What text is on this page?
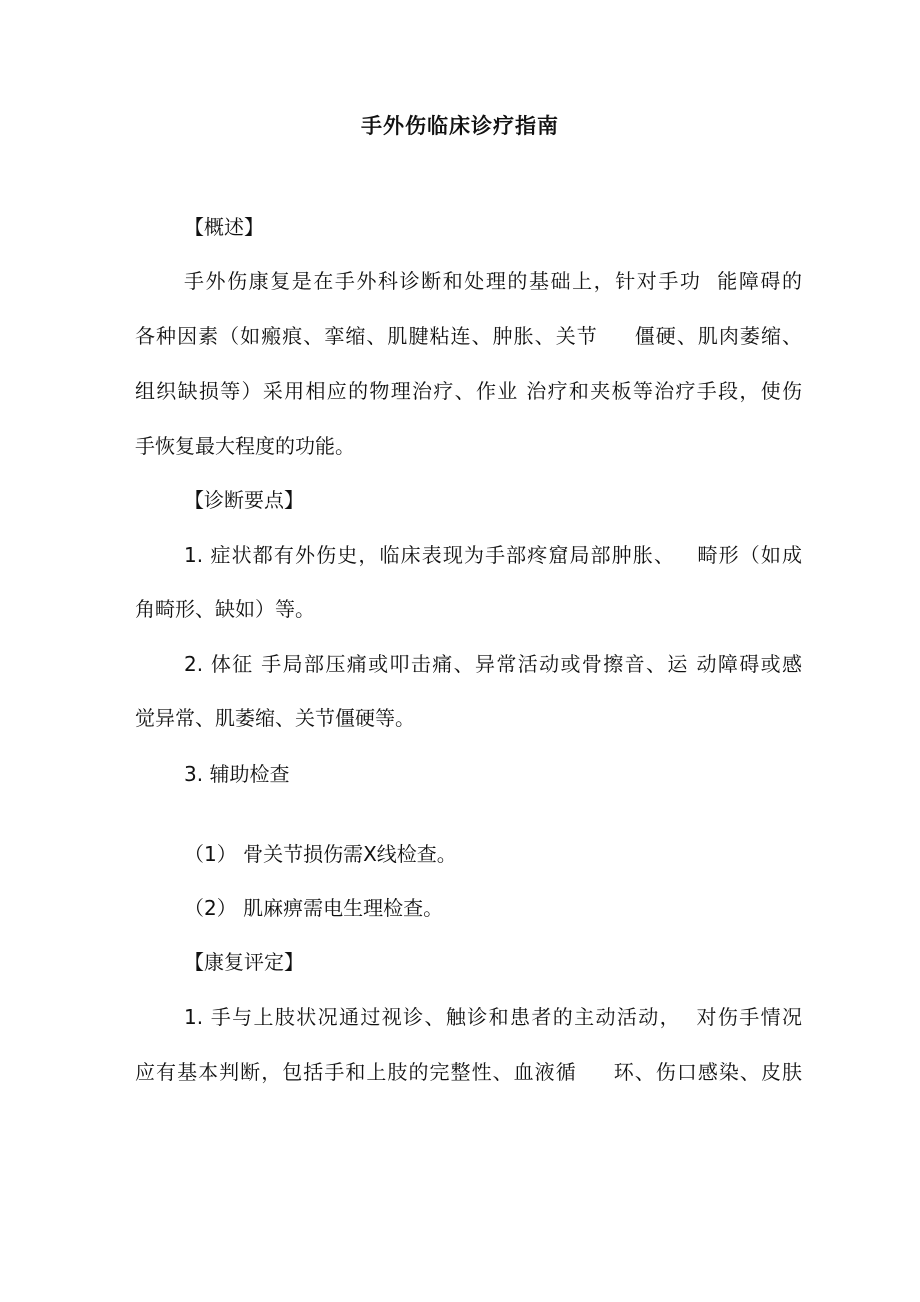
手外伤临床诊疗指南
【概述】
手外伤康复是在手外科诊断和处理的基础上，针对手功  能障碍的
各种因素（如瘢痕、挛缩、肌腱粘连、肿胀、关节     僵硬、肌肉萎缩、
组织缺损等）采用相应的物理治疗、作业 治疗和夹板等治疗手段，使伤
手恢复最大程度的功能。
【诊断要点】
1. 症状都有外伤史，临床表现为手部疼窟局部肿胀、   畸形（如成
角畸形、缺如）等。
2. 体征 手局部压痛或叩击痛、异常活动或骨擦音、运 动障碍或感
觉异常、肌萎缩、关节僵硬等。
3. 辅助检查
（1） 骨关节损伤需X线检查。
（2） 肌麻痹需电生理检查。
【康复评定】
1. 手与上肢状况通过视诊、触诊和患者的主动活动，  对伤手情况
应有基本判断，包括手和上肢的完整性、血液循     环、伤口感染、皮肤
